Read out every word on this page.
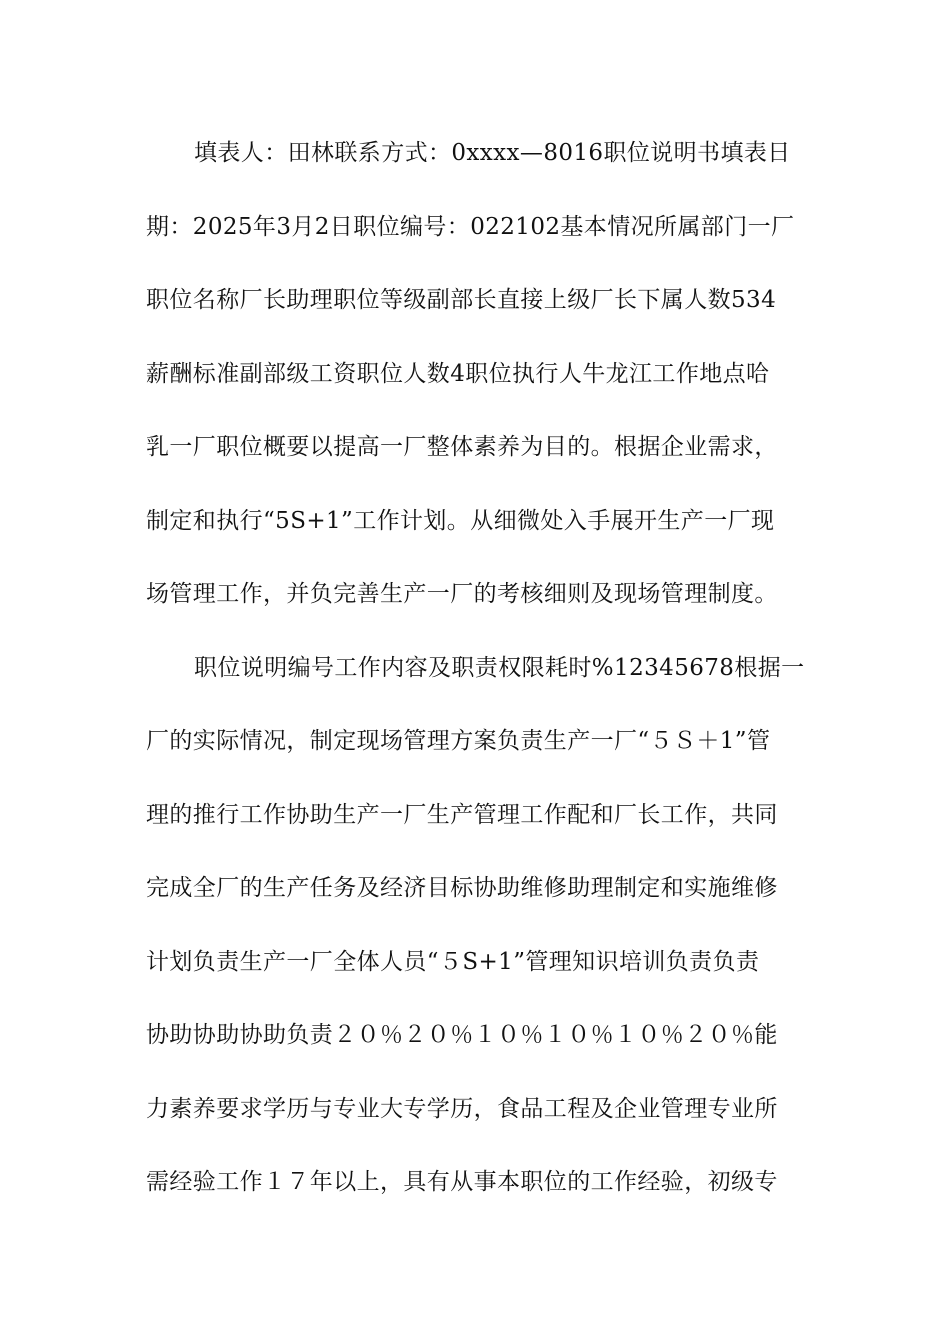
填表人：田林联系方式：0xxxx—8016职位说明书填表日
期：2025年3月2日职位编号：022102基本情况所属部门一厂
职位名称厂长助理职位等级副部长直接上级厂长下属人数534
薪酬标准副部级工资职位人数4职位执行人牛龙江工作地点哈
乳一厂职位概要以提高一厂整体素养为目的。根据企业需求，
制定和执行“5S+1”工作计划。从细微处入手展开生产一厂现
场管理工作，并负完善生产一厂的考核细则及现场管理制度。
职位说明编号工作内容及职责权限耗时%12345678根据一
厂的实际情况，制定现场管理方案负责生产一厂“５Ｓ＋1”管
理的推行工作协助生产一厂生产管理工作配和厂长工作，共同
完成全厂的生产任务及经济目标协助维修助理制定和实施维修
计划负责生产一厂全体人员“５S+1”管理知识培训负责负责
协助协助协助负责２０％２０％１０％１０％１０％２０％能
力素养要求学历与专业大专学历，食品工程及企业管理专业所
需经验工作１７年以上，具有从事本职位的工作经验，初级专
